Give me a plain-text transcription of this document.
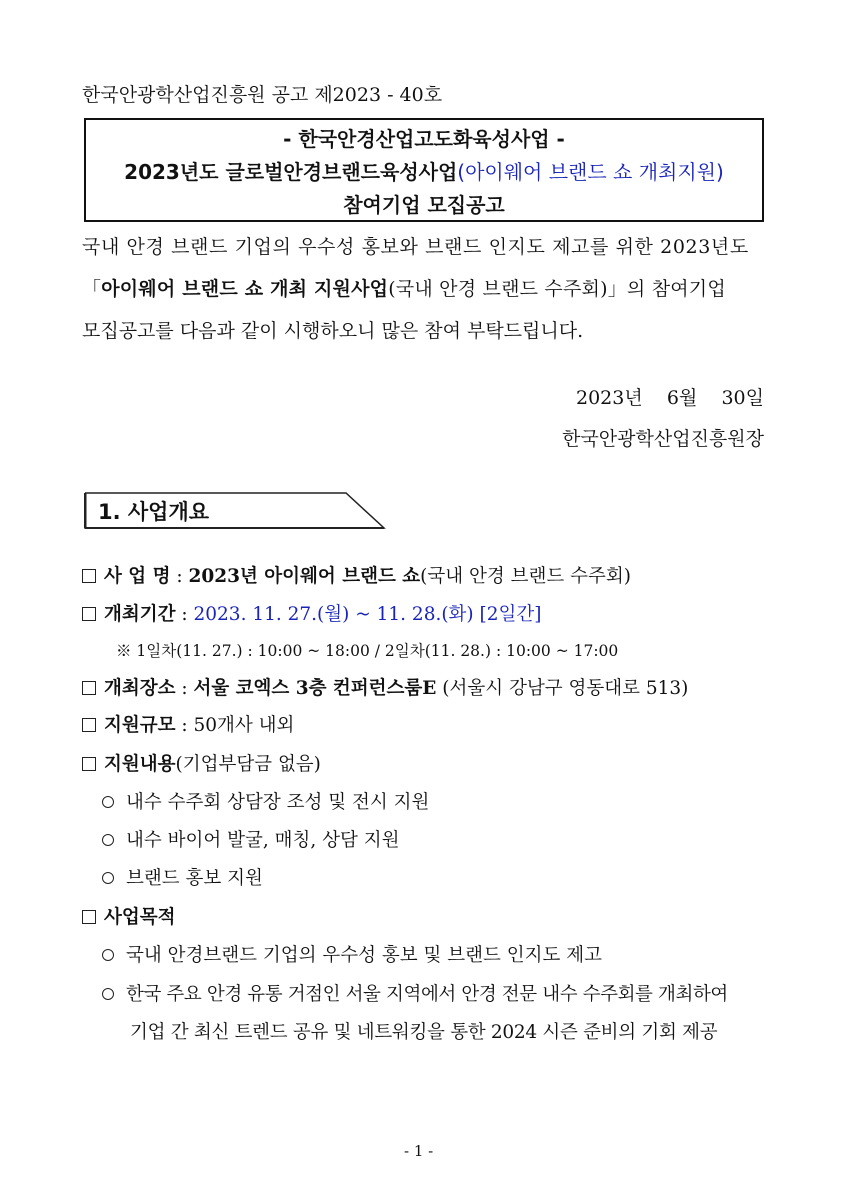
한국안광학산업진흥원 공고 제2023 - 40호
- 한국안경산업고도화육성사업 -
2023년도 글로벌안경브랜드육성사업(아이웨어 브랜드 쇼 개최지원)
참여기업 모집공고
국내 안경 브랜드 기업의 우수성 홍보와 브랜드 인지도 제고를 위한 2023년도
「아이웨어 브랜드 쇼 개최 지원사업(국내 안경 브랜드 수주회)」의 참여기업
모집공고를 다음과 같이 시행하오니 많은 참여 부탁드립니다.
2023년    6월    30일
한국안광학산업진흥원장
1. 사업개요
사 업 명 : 2023년 아이웨어 브랜드 쇼(국내 안경 브랜드 수주회)
개최기간 : 2023. 11. 27.(월) ~ 11. 28.(화) [2일간]
※ 1일차(11. 27.) : 10:00 ~ 18:00 / 2일차(11. 28.) : 10:00 ~ 17:00
개최장소 : 서울 코엑스 3층 컨퍼런스룸E (서울시 강남구 영동대로 513)
지원규모 : 50개사 내외
지원내용(기업부담금 없음)
내수 수주회 상담장 조성 및 전시 지원
내수 바이어 발굴, 매칭, 상담 지원
브랜드 홍보 지원
사업목적
국내 안경브랜드 기업의 우수성 홍보 및 브랜드 인지도 제고
한국 주요 안경 유통 거점인 서울 지역에서 안경 전문 내수 수주회를 개최하여
기업 간 최신 트렌드 공유 및 네트워킹을 통한 2024 시즌 준비의 기회 제공
- 1 -
